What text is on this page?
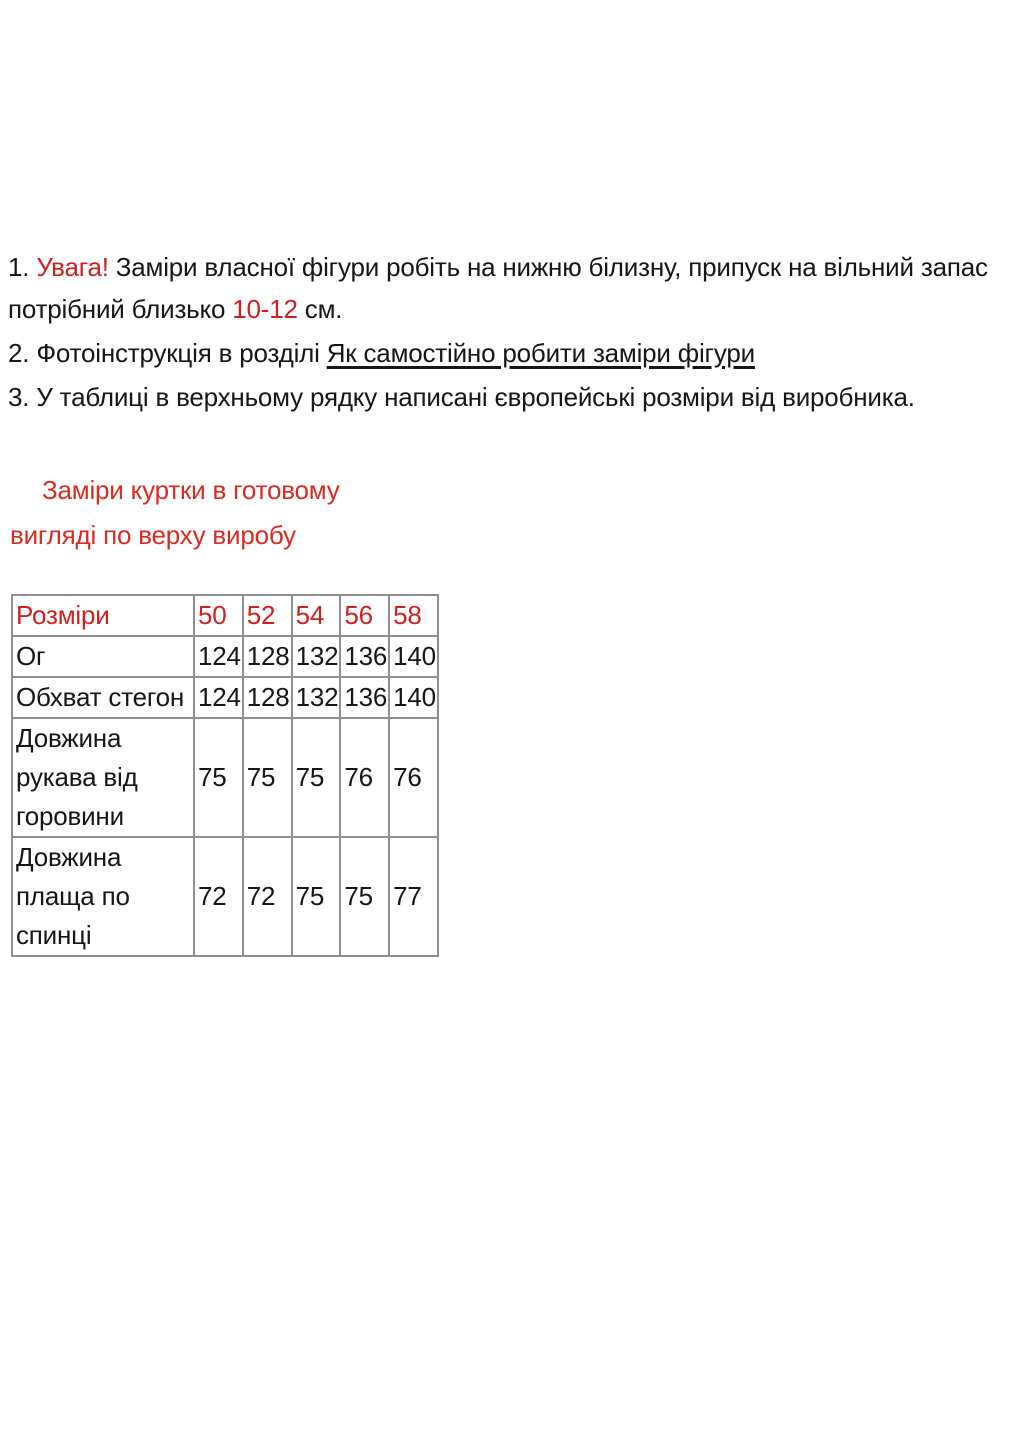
1. Увага! Заміри власної фігури робіть на нижню білизну, припуск на вільний запас потрібний близько 10-12 см.
2. Фотоінструкція в розділі Як самостійно робити заміри фігури
3. У таблиці в верхньому рядку написані європейські розміри від виробника.
Заміри куртки в готовому
вигляді по верху виробу
Розміри	50	52	54	56	58
Ог	124	128	132	136	140
Обхват стегон	124	128	132	136	140
Довжина рукава від горовини	75	75	75	76	76
Довжина плаща по спинці	72	72	75	75	77
